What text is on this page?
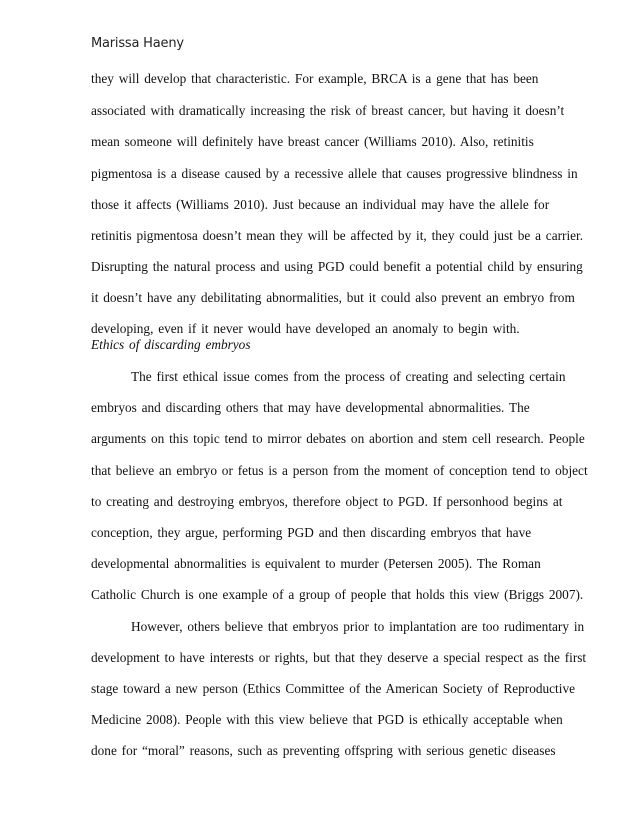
Marissa Haeny
they will develop that characteristic. For example, BRCA is a gene that has been
associated with dramatically increasing the risk of breast cancer, but having it doesn’t
mean someone will definitely have breast cancer (Williams 2010). Also, retinitis
pigmentosa is a disease caused by a recessive allele that causes progressive blindness in
those it affects (Williams 2010). Just because an individual may have the allele for
retinitis pigmentosa doesn’t mean they will be affected by it, they could just be a carrier.
Disrupting the natural process and using PGD could benefit a potential child by ensuring
it doesn’t have any debilitating abnormalities, but it could also prevent an embryo from
developing, even if it never would have developed an anomaly to begin with.
Ethics of discarding embryos
The first ethical issue comes from the process of creating and selecting certain
embryos and discarding others that may have developmental abnormalities. The
arguments on this topic tend to mirror debates on abortion and stem cell research. People
that believe an embryo or fetus is a person from the moment of conception tend to object
to creating and destroying embryos, therefore object to PGD. If personhood begins at
conception, they argue, performing PGD and then discarding embryos that have
developmental abnormalities is equivalent to murder (Petersen 2005). The Roman
Catholic Church is one example of a group of people that holds this view (Briggs 2007).
However, others believe that embryos prior to implantation are too rudimentary in
development to have interests or rights, but that they deserve a special respect as the first
stage toward a new person (Ethics Committee of the American Society of Reproductive
Medicine 2008). People with this view believe that PGD is ethically acceptable when
done for “moral” reasons, such as preventing offspring with serious genetic diseases
